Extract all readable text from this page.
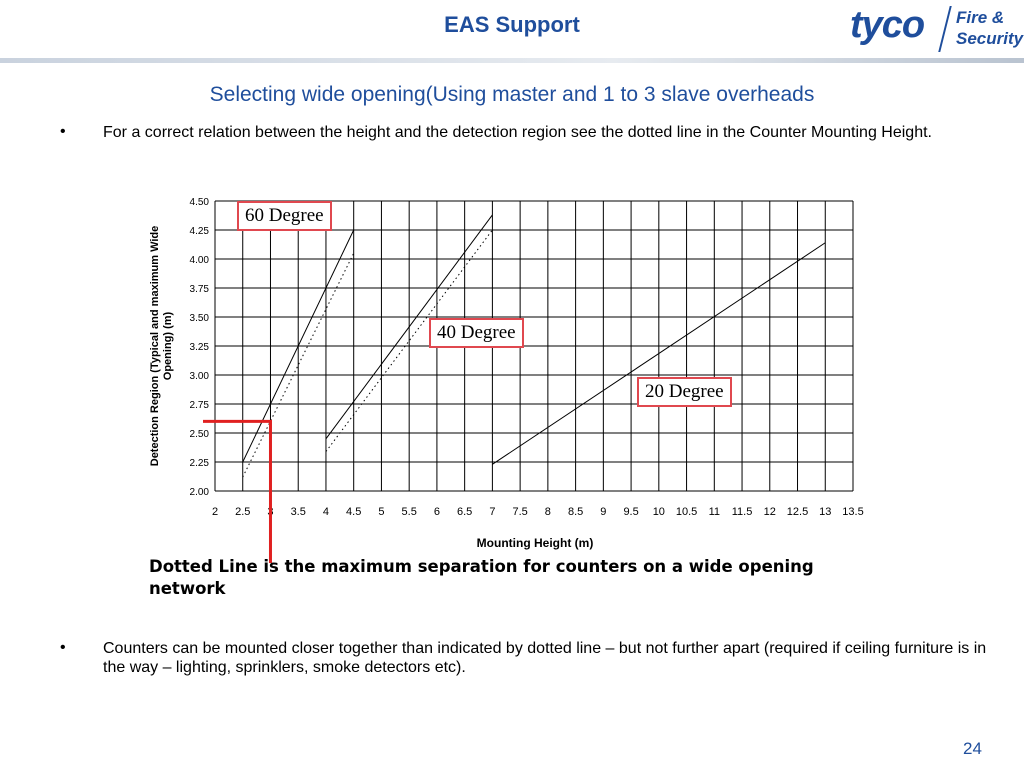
EAS Support	tyco Fire &
Security
Selecting wide opening(Using master and 1 to 3 slave overheads
• For a correct relation between the height and the detection region see the dotted line in the Counter Mounting Height.
2 2.5 3 3.5 4 4.5 5 5.5 6 6.5 7 7.5 8 8.5 9 9.5 10 10.5 11 11.5 12 12.5 13 13.5
2.00
2.25
2.50
2.75
3.00
3.25
3.50
3.75
4.00
4.25
4.50
Mounting Height (m)
Detection Region (Typical and maximum WideOpening) (m)
60 Degree
40 Degree
20 Degree
Dotted Line is the maximum separation for counters on a wide opening network
• Counters can be mounted closer together than indicated by dotted line – but not further apart (required if ceiling furniture is in the way – lighting, sprinklers, smoke detectors etc).
24
